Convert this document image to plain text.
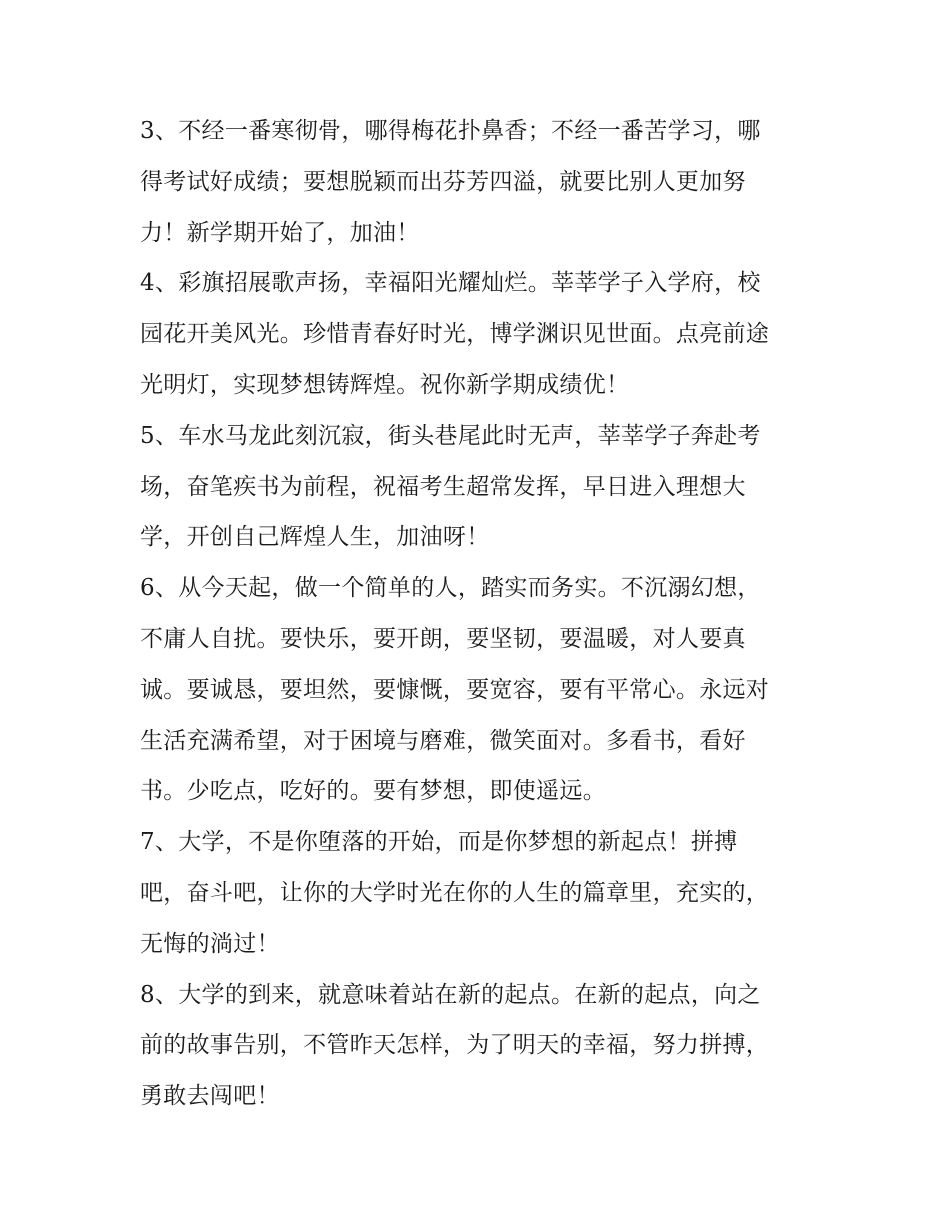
3、不经一番寒彻骨，哪得梅花扑鼻香；不经一番苦学习，哪
得考试好成绩；要想脱颖而出芬芳四溢，就要比别人更加努
力！新学期开始了，加油！
4、彩旗招展歌声扬，幸福阳光耀灿烂。莘莘学子入学府，校
园花开美风光。珍惜青春好时光，博学渊识见世面。点亮前途
光明灯，实现梦想铸辉煌。祝你新学期成绩优！
5、车水马龙此刻沉寂，街头巷尾此时无声，莘莘学子奔赴考
场，奋笔疾书为前程，祝福考生超常发挥，早日进入理想大
学，开创自己辉煌人生，加油呀！
6、从今天起，做一个简单的人，踏实而务实。不沉溺幻想，
不庸人自扰。要快乐，要开朗，要坚韧，要温暖，对人要真
诚。要诚恳，要坦然，要慷慨，要宽容，要有平常心。永远对
生活充满希望，对于困境与磨难，微笑面对。多看书，看好
书。少吃点，吃好的。要有梦想，即使遥远。
7、大学，不是你堕落的开始，而是你梦想的新起点！拼搏
吧，奋斗吧，让你的大学时光在你的人生的篇章里，充实的，
无悔的淌过！
8、大学的到来，就意味着站在新的起点。在新的起点，向之
前的故事告别，不管昨天怎样，为了明天的幸福，努力拼搏，
勇敢去闯吧！
